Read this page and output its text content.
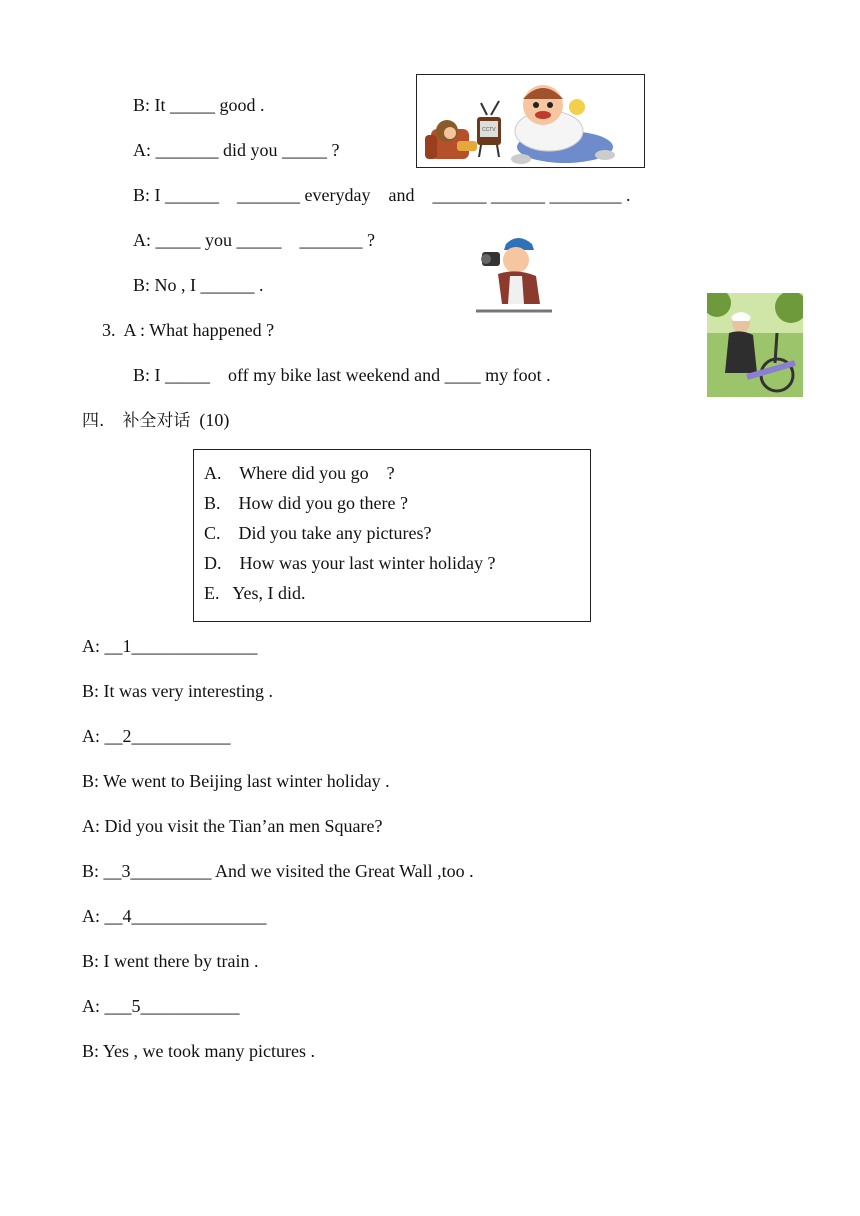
B: It _____ good .
A: _______ did you _____ ?
B: I ______    _______ everyday    and    ______ ______ ________ .
A: _____ you _____    _______ ?
B: No , I ______ .
CCTV
3.  A : What happened ?
B: I _____    off my bike last weekend and ____ my foot .
四. 补全对话 (10)
A. Where did you go    ?
B. How did you go there ?
C. Did you take any pictures?
D. How was your last winter holiday ?
E. Yes, I did.
A: __1______________
B: It was very interesting .
A: __2___________
B: We went to Beijing last winter holiday .
A: Did you visit the Tian’an men Square?
B: __3_________ And we visited the Great Wall ,too .
A: __4_______________
B: I went there by train .
A: ___5___________
B: Yes , we took many pictures .
